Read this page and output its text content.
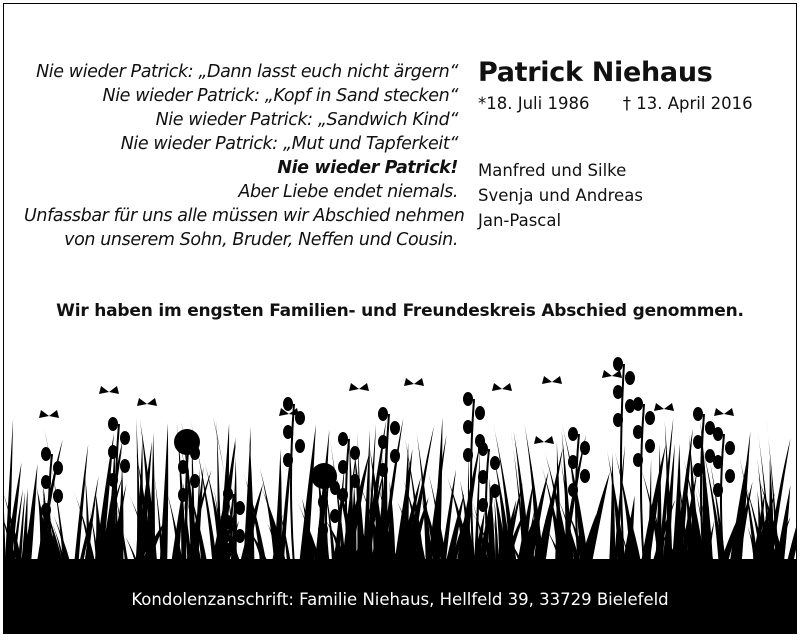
Nie wieder Patrick: „Dann lasst euch nicht ärgern“
Nie wieder Patrick: „Kopf in Sand stecken“
Nie wieder Patrick: „Sandwich Kind“
Nie wieder Patrick: „Mut und Tapferkeit“
Nie wieder Patrick!
Aber Liebe endet niemals.
Unfassbar für uns alle müssen wir Abschied nehmen
von unserem Sohn, Bruder, Neffen und Cousin.
Patrick Niehaus
*18. Juli 1986 † 13. April 2016
Manfred und Silke
Svenja und Andreas
Jan-Pascal
Wir haben im engsten Familien- und Freundeskreis Abschied genommen.
Kondolenzanschrift: Familie Niehaus, Hellfeld 39, 33729 Bielefeld
